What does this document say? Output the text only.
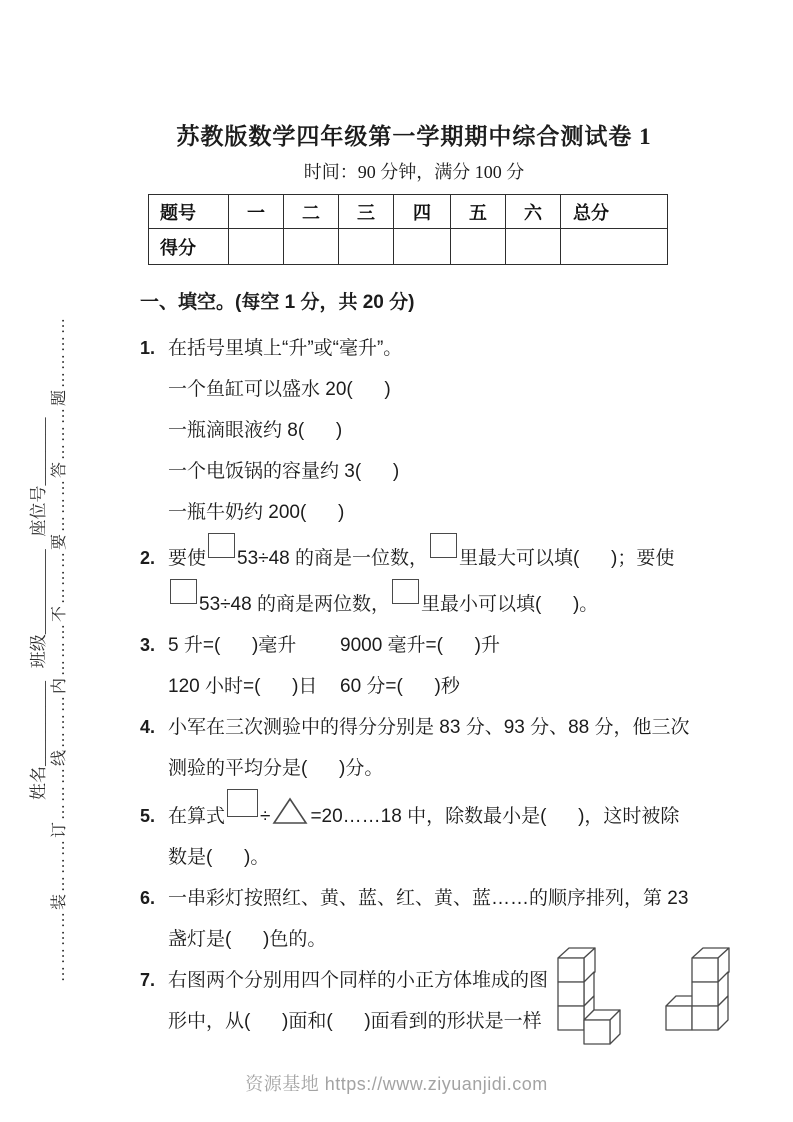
…………装………订………线………内………不………要………答………题…………
姓名__________   班级__________   座位号________
苏教版数学四年级第一学期期中综合测试卷 1
时间：90 分钟，满分 100 分
题号	一	二	三	四	五	六	总分
得分							
一、填空。(每空 1 分，共 20 分)
1. 在括号里填上“升”或“毫升”。
一个鱼缸可以盛水 20(      )
一瓶滴眼液约 8(      )
一个电饭锅的容量约 3(      )
一瓶牛奶约 200(      )
2. 要使 53÷48 的商是一位数， 里最大可以填(      )；要使
53÷48 的商是两位数， 里最小可以填(      )。
3. 5 升=(      )毫升 9000 毫升=(      )升
120 小时=(      )日 60 分=(      )秒
4. 小军在三次测验中的得分分别是 83 分、93 分、88 分，他三次
测验的平均分是(      )分。
5. 在算式 ÷ =20……18 中，除数最小是(      )，这时被除
数是(      )。
6. 一串彩灯按照红、黄、蓝、红、黄、蓝……的顺序排列，第 23
盏灯是(      )色的。
7. 右图两个分别用四个同样的小正方体堆成的图
形中，从(      )面和(      )面看到的形状是一样
资源基地 https://www.ziyuanjidi.com
